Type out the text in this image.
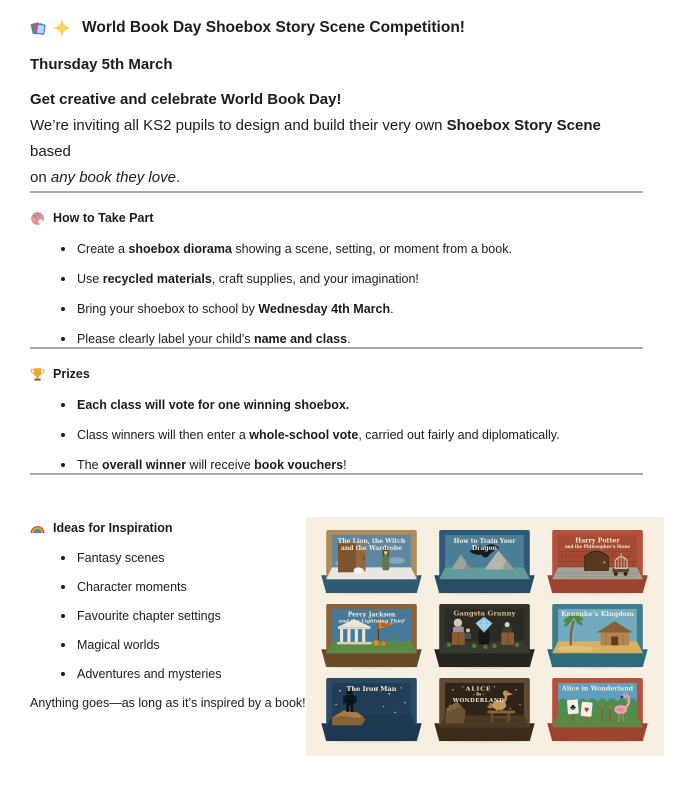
World Book Day Shoebox Story Scene Competition!
Thursday 5th March
Get creative and celebrate World Book Day!
We’re inviting all KS2 pupils to design and build their very own Shoebox Story Scene based
on any book they love.
How to Take Part
Create a shoebox diorama showing a scene, setting, or moment from a book.
Use recycled materials, craft supplies, and your imagination!
Bring your shoebox to school by Wednesday 4th March.
Please clearly label your child’s name and class.
Prizes
Each class will vote for one winning shoebox.
Class winners will then enter a whole-school vote, carried out fairly and diplomatically.
The overall winner will receive book vouchers!
Ideas for Inspiration
Fantasy scenes
Character moments
Favourite chapter settings
Magical worlds
Adventures and mysteries
Anything goes—as long as it’s inspired by a book!
The Lion, the Witch
and the Wardrobe
How to Train Your
Dragon
Harry Potter
and the Philosopher’s Stone
Percy Jackson
and the Lightning Thief
Gangsta Granny	Kensuke’s Kingdom
The Iron Man	ALICE
- In -
WONDERLAND
♣ ♥
Alice in Wonderland
